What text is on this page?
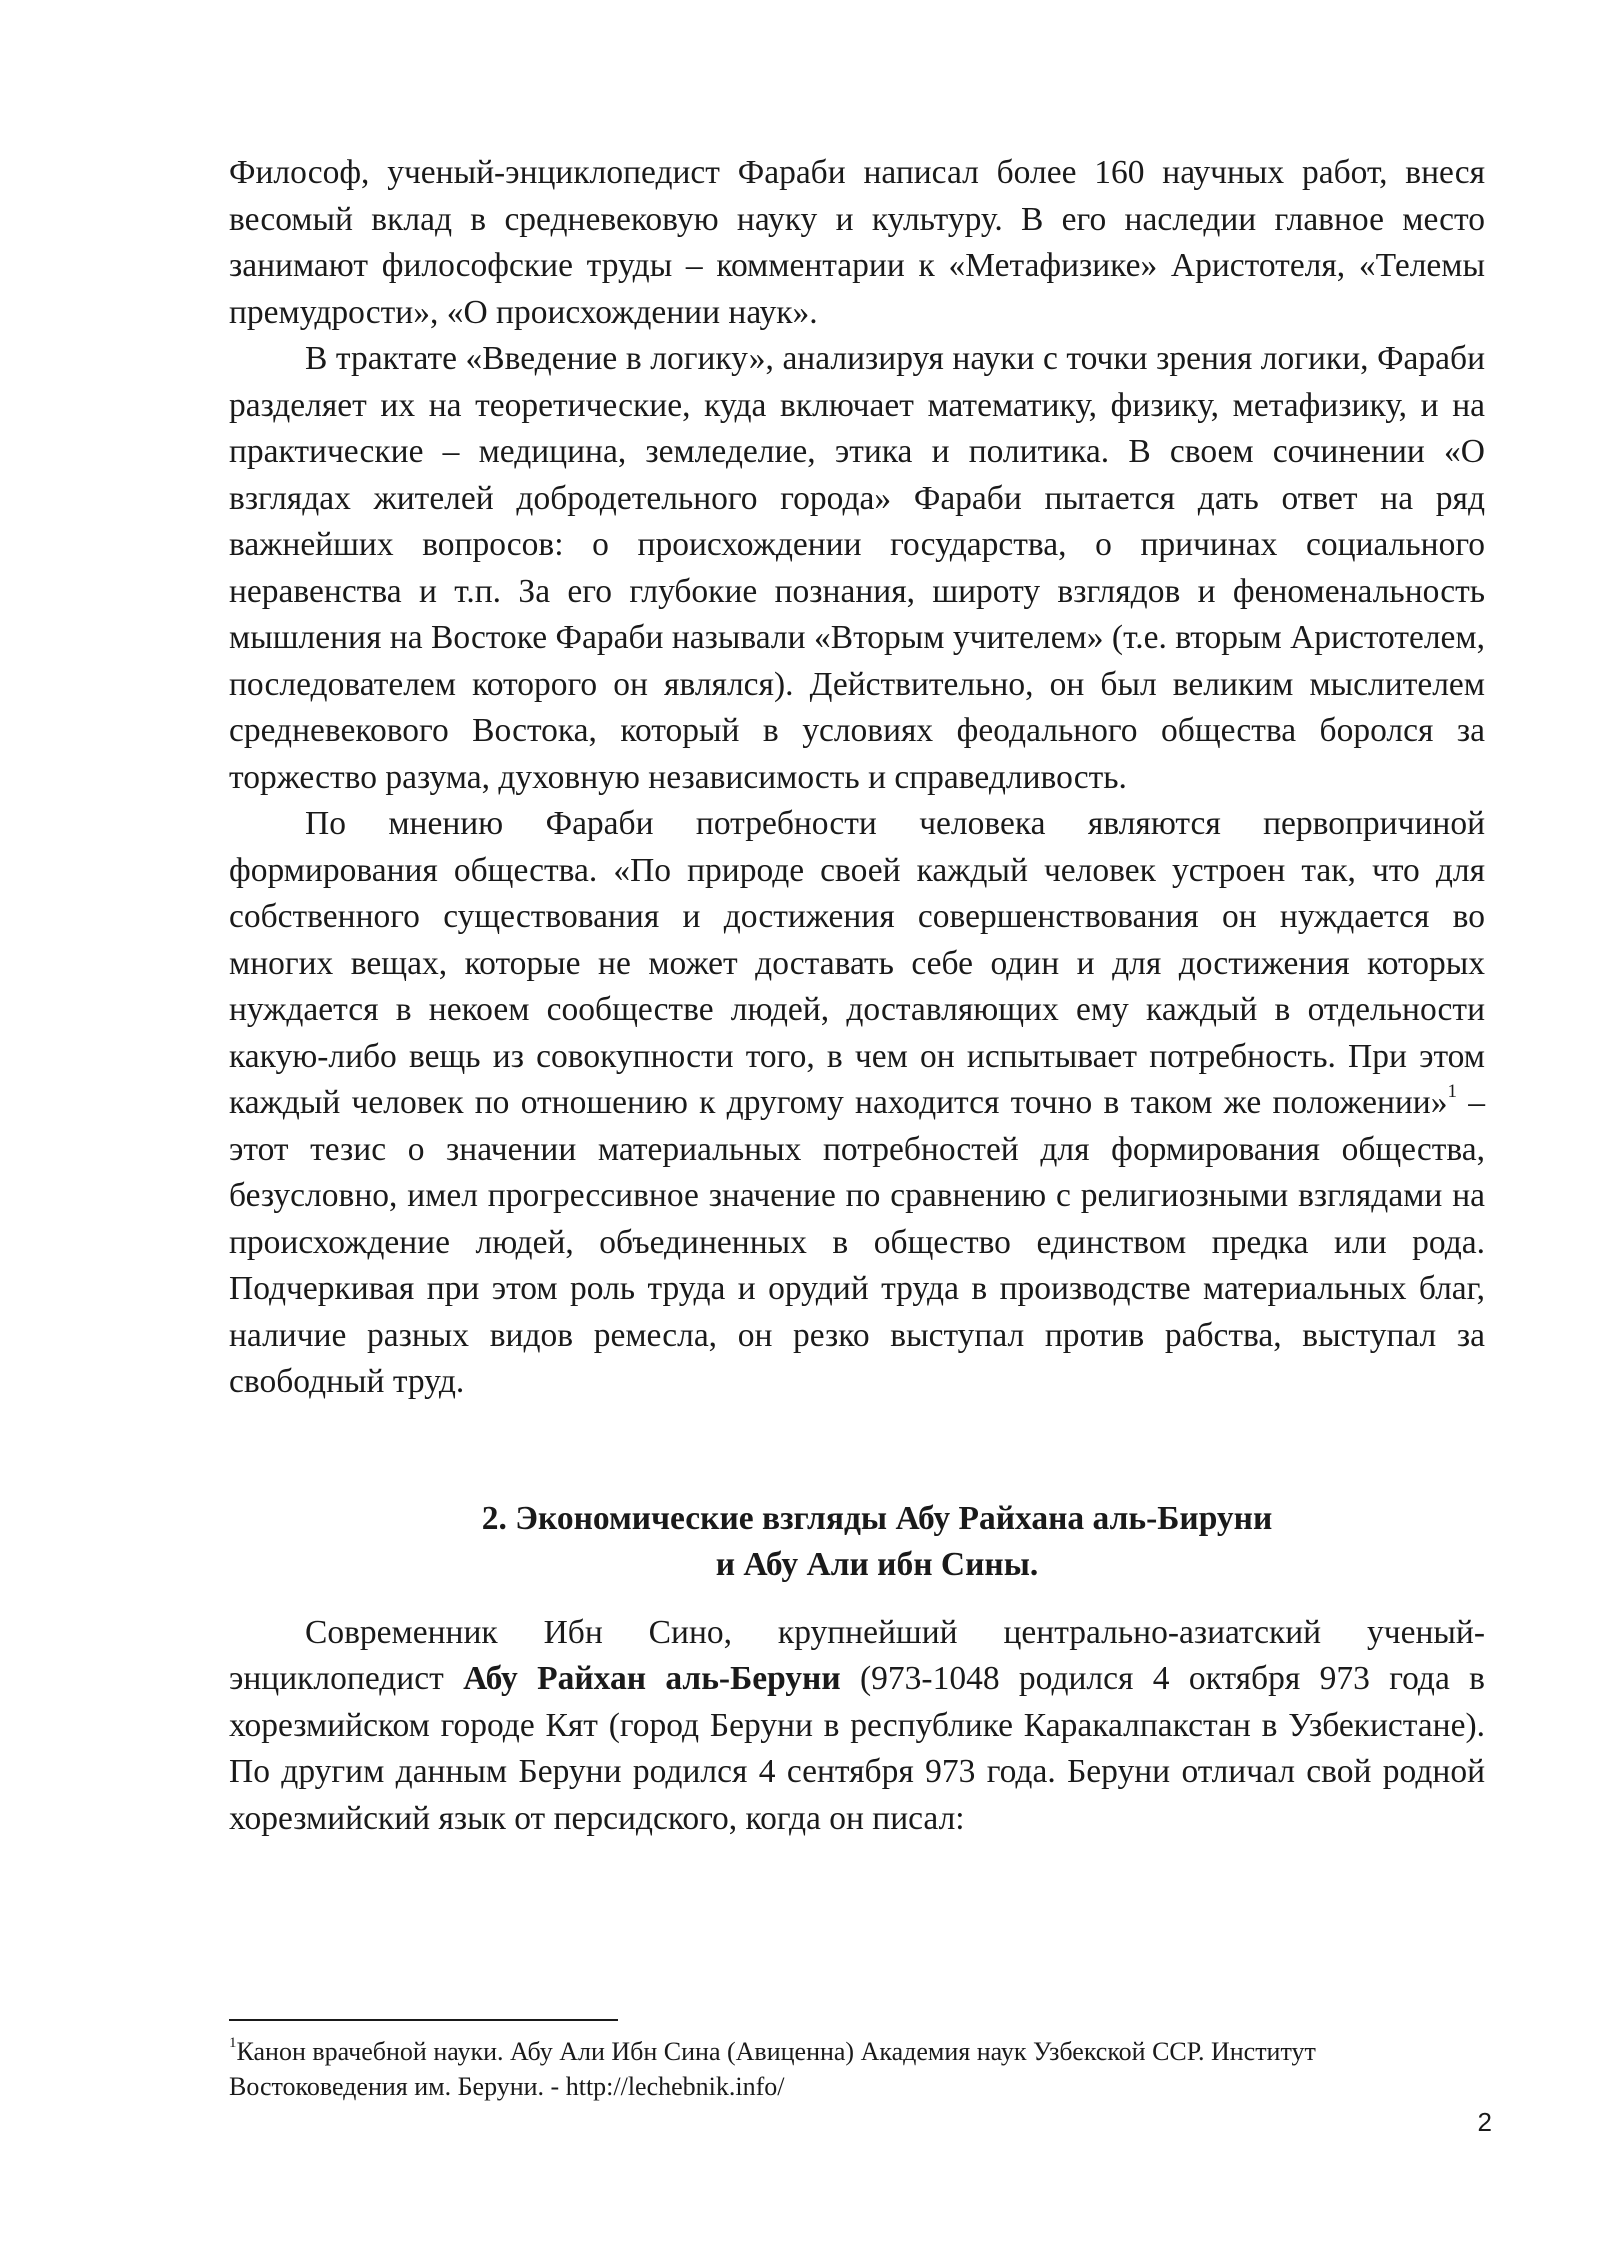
Философ, ученый-энциклопедист Фараби написал более 160 научных работ, внеся весомый вклад в средневековую науку и культуру. В его наследии главное место занимают философские труды – комментарии к «Метафизике» Аристотеля, «Телемы премудрости», «О происхождении наук».

В трактате «Введение в логику», анализируя науки с точки зрения логики, Фараби разделяет их на теоретические, куда включает математику, физику, метафизику, и на практические – медицина, земледелие, этика и политика. В своем сочинении «О взглядах жителей добродетельного города» Фараби пытается дать ответ на ряд важнейших вопросов: о происхождении государства, о причинах социального неравенства и т.п. За его глубокие познания, широту взглядов и феноменальность мышления на Востоке Фараби называли «Вторым учителем» (т.е. вторым Аристотелем, последователем которого он являлся). Действительно, он был великим мыслителем средневекового Востока, который в условиях феодального общества боролся за торжество разума, духовную независимость и справедливость.

По мнению Фараби потребности человека являются первопричиной формирования общества. «По природе своей каждый человек устроен так, что для собственного существования и достижения совершенствования он нуждается во многих вещах, которые не может доставать себе один и для достижения которых нуждается в некоем сообществе людей, доставляющих ему каждый в отдельности какую-либо вещь из совокупности того, в чем он испытывает потребность. При этом каждый человек по отношению к другому находится точно в таком же положении»$^1$ – этот тезис о значении материальных потребностей для формирования общества, безусловно, имел прогрессивное значение по сравнению с религиозными взглядами на происхождение людей, объединенных в общество единством предка или рода. Подчеркивая при этом роль труда и орудий труда в производстве материальных благ, наличие разных видов ремесла, он резко выступал против рабства, выступал за свободный труд.

2. Экономические взгляды Абу Райхана аль-Бируни
и Абу Али ибн Сины.

Современник Ибн Сино, крупнейший центрально-азиатский ученый-энциклопедист Абу Райхан аль-Беруни (973-1048 родился 4 октября 973 года в хорезмийском городе Кят (город Беруни в республике Каракалпакстан в Узбекистане). По другим данным Беруни родился 4 сентября 973 года. Беруни отличал свой родной хорезмийский язык от персидского, когда он писал:

$^1$Канон врачебной науки. Абу Али Ибн Сина (Авиценна) Академия наук Узбекской ССР. Институт Востоковедения им. Беруни. - http://lechebnik.info/

2
